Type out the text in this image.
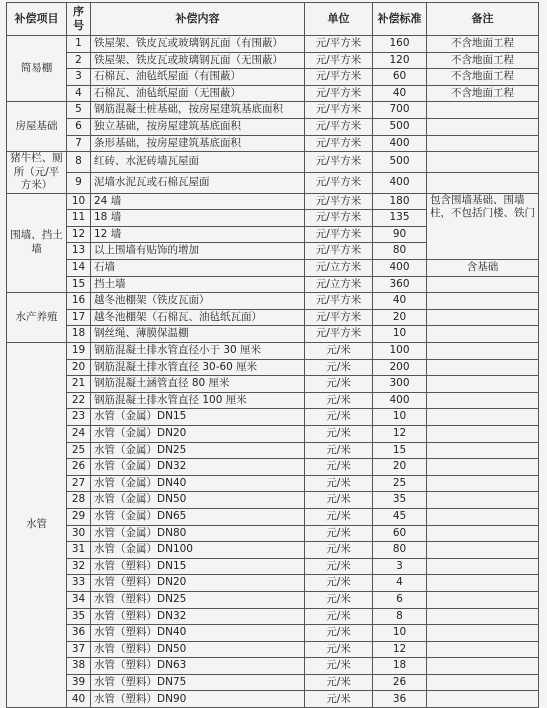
补偿项目	序号	补偿内容	单位	补偿标准	备注
简易棚	1	铁屋架、铁皮瓦或玻璃钢瓦面（有围蔽）	元/平方米	160	不含地面工程
	2	铁屋架、铁皮瓦或玻璃钢瓦面（无围蔽）	元/平方米	120	不含地面工程
	3	石棉瓦、油毡纸屋面（有围蔽）	元/平方米	60	不含地面工程
	4	石棉瓦、油毡纸屋面（无围蔽）	元/平方米	40	不含地面工程
房屋基础	5	钢筋混凝土桩基础，按房屋建筑基底面积	元/平方米	700	
	6	独立基础，按房屋建筑基底面积	元/平方米	500	
	7	条形基础，按房屋建筑基底面积	元/平方米	400	
猪牛栏、厕所（元/平方米）	8	红砖、水泥砖墙瓦屋面	元/平方米	500	
	9	泥墙水泥瓦或石棉瓦屋面	元/平方米	400	
围墙、挡土墙	10	24 墙	元/平方米	180	包含围墙基础、围墙柱，不包括门楼、铁门
	11	18 墙	元/平方米	135	
	12	12 墙	元/平方米	90	
	13	以上围墙有贴饰的增加	元/平方米	80	
	14	石墙	元/立方米	400	含基础
	15	挡土墙	元/立方米	360	
水产养殖	16	越冬池棚架（铁皮瓦面）	元/平方米	40	
	17	越冬池棚架（石棉瓦、油毡纸瓦面）	元/平方米	20	
	18	钢丝绳、薄膜保温棚	元/平方米	10	
水管	19	钢筋混凝土排水管直径小于 30 厘米	元/米	100	
	20	钢筋混凝土排水管直径 30-60 厘米	元/米	200	
	21	钢筋混凝土涵管直径 80 厘米	元/米	300	
	22	钢筋混凝土排水管直径 100 厘米	元/米	400	
	23	水管（金属）DN15	元/米	10	
	24	水管（金属）DN20	元/米	12	
	25	水管（金属）DN25	元/米	15	
	26	水管（金属）DN32	元/米	20	
	27	水管（金属）DN40	元/米	25	
	28	水管（金属）DN50	元/米	35	
	29	水管（金属）DN65	元/米	45	
	30	水管（金属）DN80	元/米	60	
	31	水管（金属）DN100	元/米	80	
	32	水管（塑料）DN15	元/米	3	
	33	水管（塑料）DN20	元/米	4	
	34	水管（塑料）DN25	元/米	6	
	35	水管（塑料）DN32	元/米	8	
	36	水管（塑料）DN40	元/米	10	
	37	水管（塑料）DN50	元/米	12	
	38	水管（塑料）DN63	元/米	18	
	39	水管（塑料）DN75	元/米	26	
	40	水管（塑料）DN90	元/米	36	
